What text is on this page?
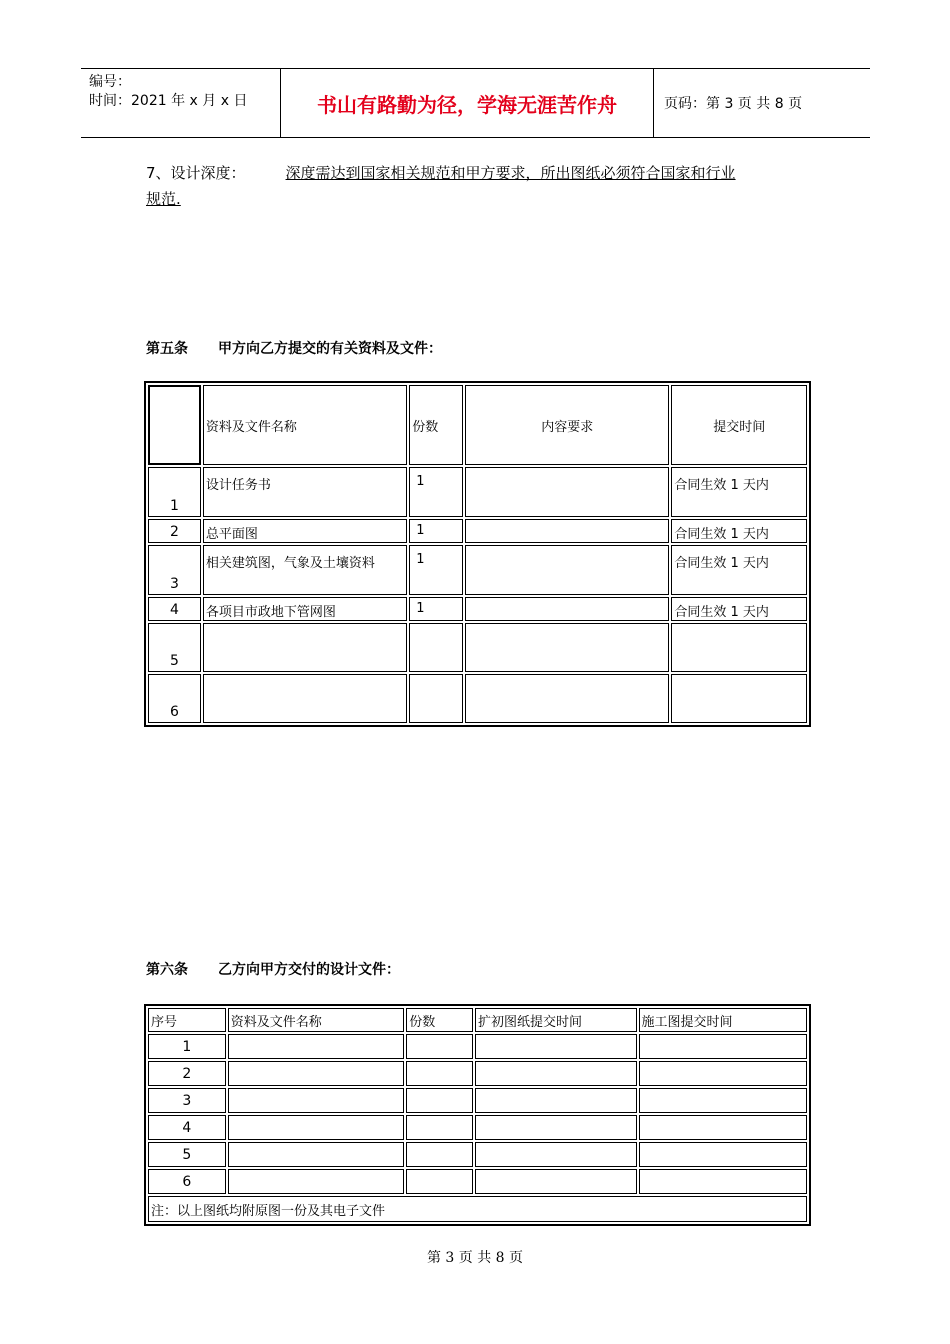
编号：
时间：2021 年 x 月 x 日	书山有路勤为径，学海无涯苦作舟	页码：第 3 页 共 8 页
7、设计深度：	深度需达到国家相关规范和甲方要求，所出图纸必须符合国家和行业
规范.
第五条 甲方向乙方提交的有关资料及文件：
	资料及文件名称	份数	内容要求	提交时间
1	设计任务书	1		合同生效 1 天内
2	总平面图	1		合同生效 1 天内
3	相关建筑图，气象及土壤资料	1		合同生效 1 天内
4	各项目市政地下管网图	1		合同生效 1 天内
5				
6				
第六条 乙方向甲方交付的设计文件：
序号	资料及文件名称	份数	扩初图纸提交时间	施工图提交时间
1				
2				
3				
4				
5				
6				
注：以上图纸均附原图一份及其电子文件				
第 3 页 共 8 页
